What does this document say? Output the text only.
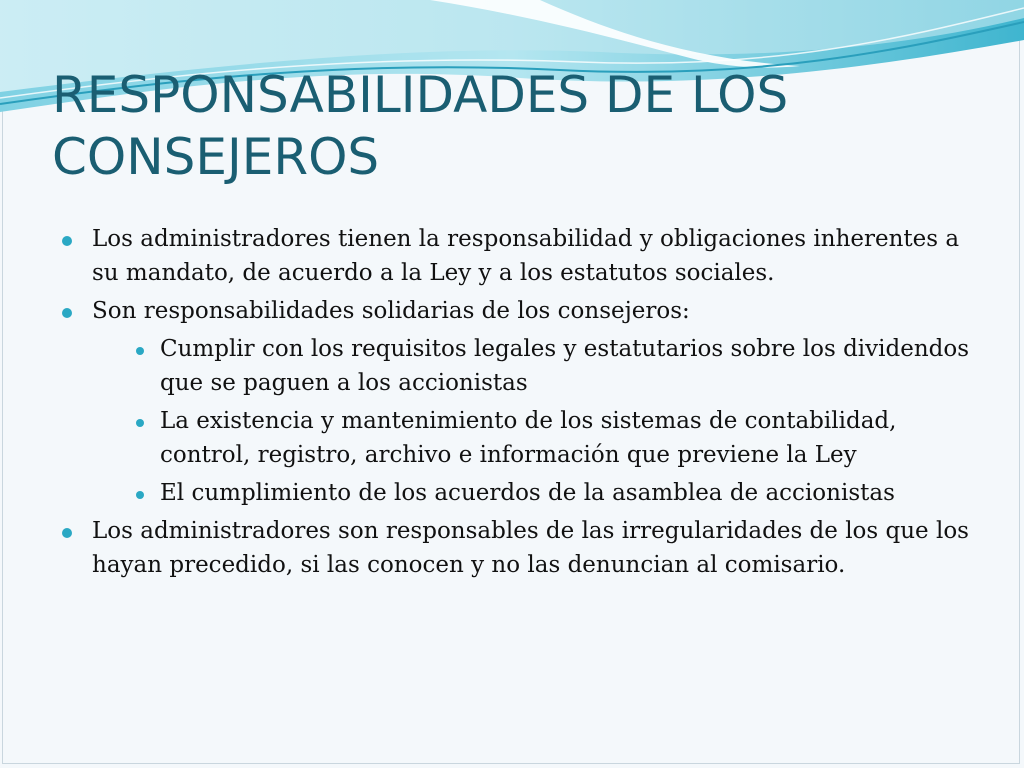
RESPONSABILIDADES DE LOS CONSEJEROS
Los administradores tienen la responsabilidad y obligaciones inherentes a su mandato, de acuerdo a la Ley y a los estatutos sociales.
Son responsabilidades solidarias de los consejeros:
Cumplir con los requisitos legales y estatutarios sobre los dividendos que se paguen a los accionistas
La existencia y mantenimiento de los sistemas de contabilidad, control, registro, archivo e información que previene la Ley
El cumplimiento de los acuerdos de la asamblea de accionistas
Los administradores son responsables de las irregularidades de los que los hayan precedido, si las conocen y no las denuncian al comisario.
